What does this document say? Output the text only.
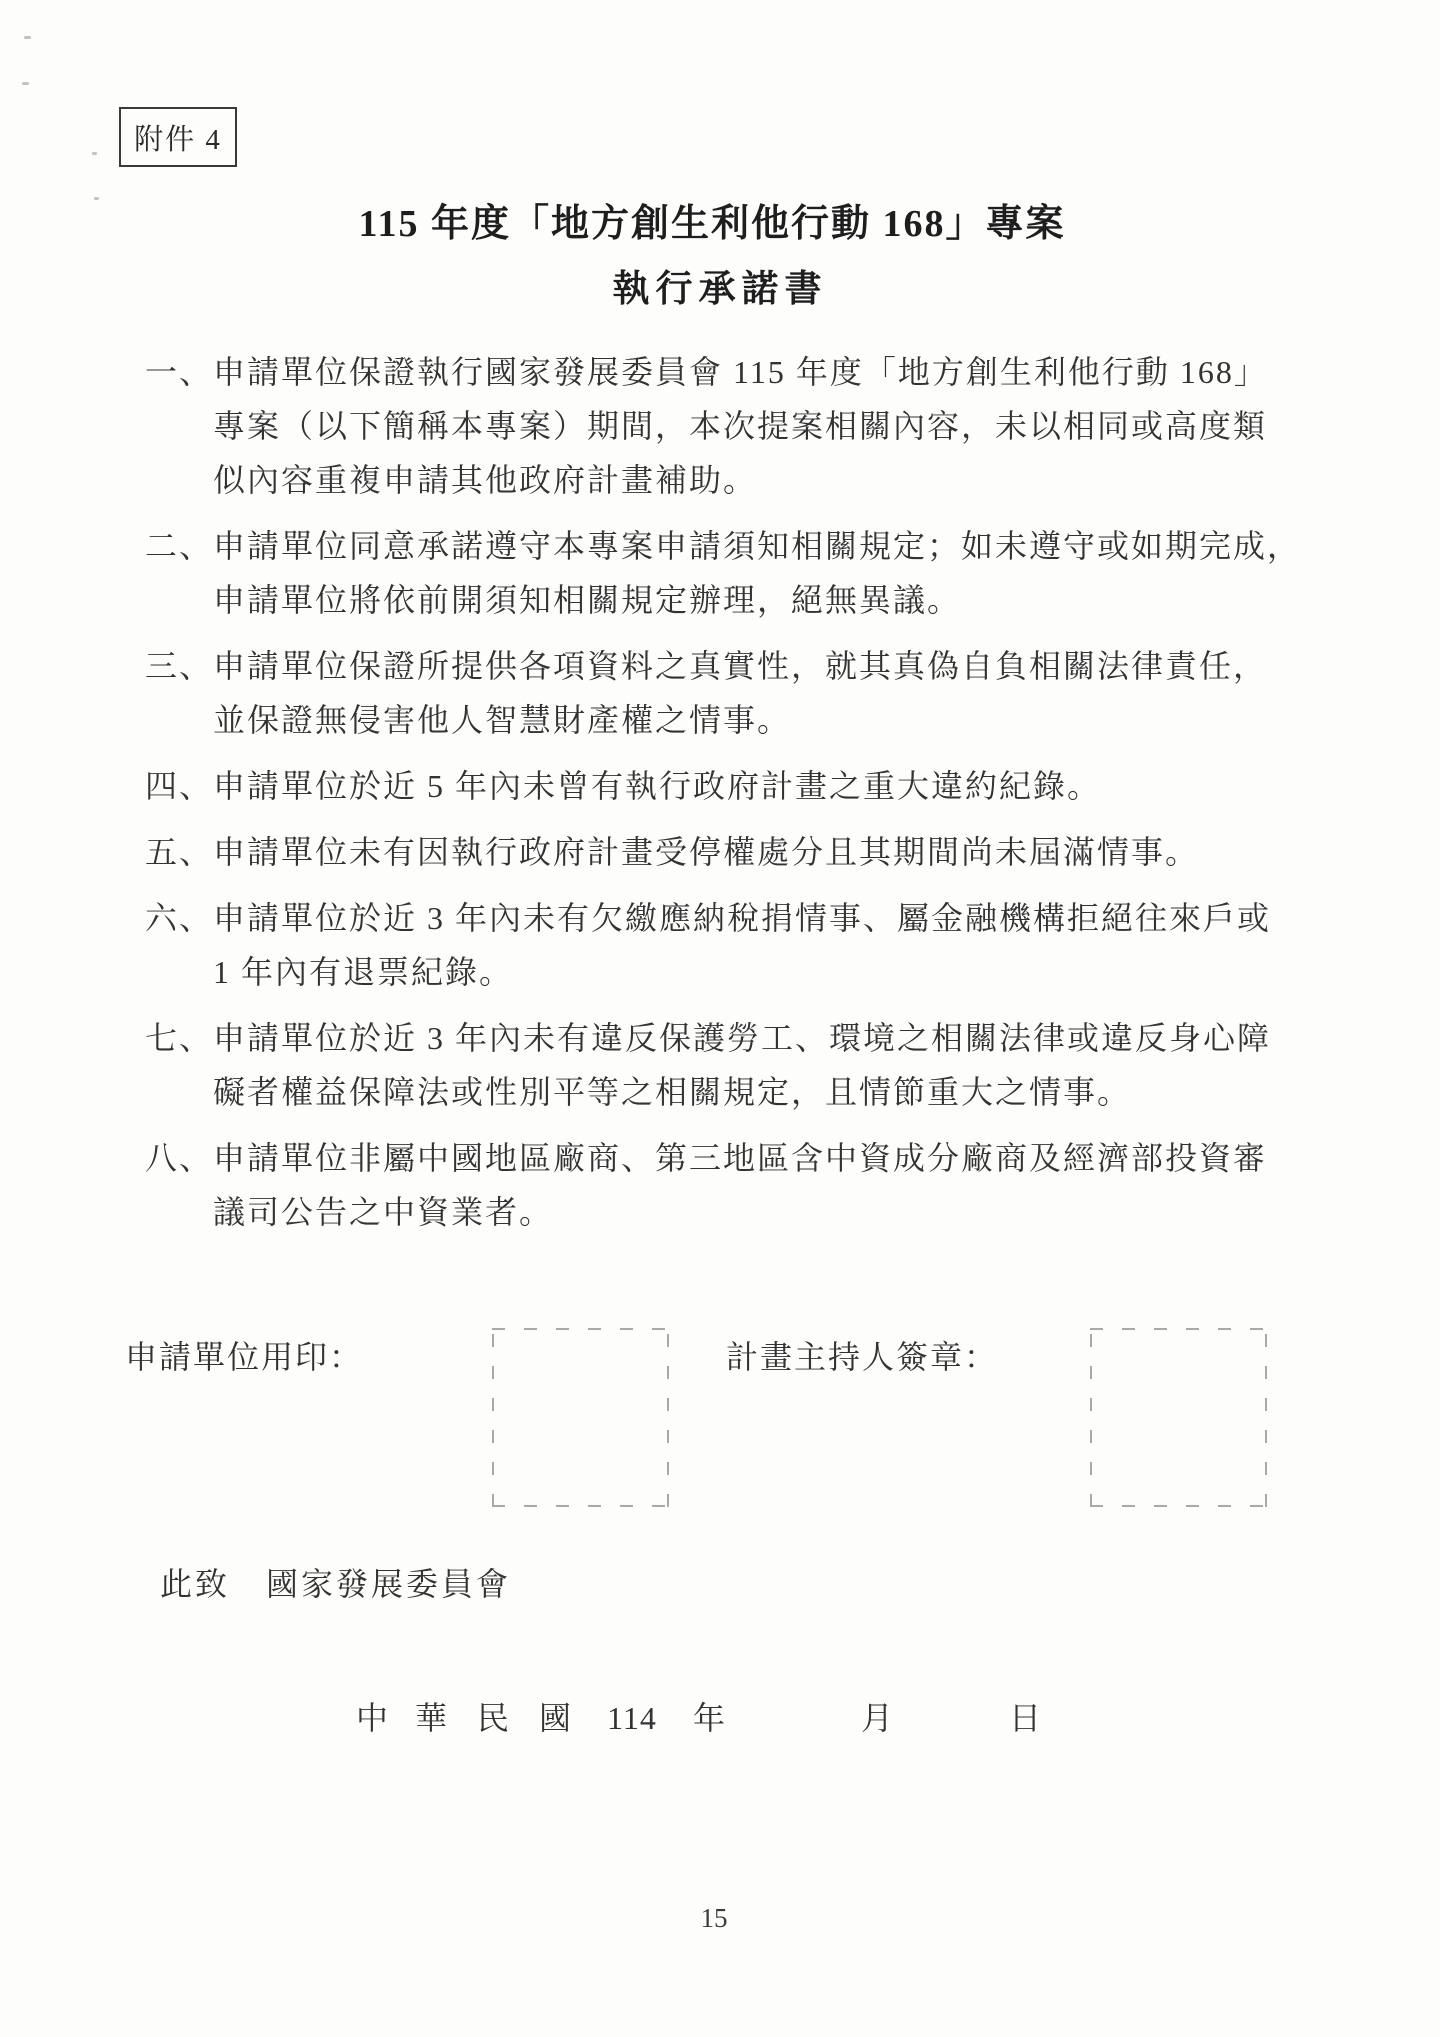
附件 4
115 年度「地方創生利他行動 168」專案
執行承諾書
一、 申請單位保證執行國家發展委員會 115 年度「地方創生利他行動 168」
專案（以下簡稱本專案）期間，本次提案相關內容，未以相同或高度類
似內容重複申請其他政府計畫補助。
二、 申請單位同意承諾遵守本專案申請須知相關規定；如未遵守或如期完成，
申請單位將依前開須知相關規定辦理，絕無異議。
三、 申請單位保證所提供各項資料之真實性，就其真偽自負相關法律責任，
並保證無侵害他人智慧財產權之情事。
四、 申請單位於近 5 年內未曾有執行政府計畫之重大違約紀錄。
五、 申請單位未有因執行政府計畫受停權處分且其期間尚未屆滿情事。
六、 申請單位於近 3 年內未有欠繳應納稅捐情事、屬金融機構拒絕往來戶或
1 年內有退票紀錄。
七、 申請單位於近 3 年內未有違反保護勞工、環境之相關法律或違反身心障
礙者權益保障法或性別平等之相關規定，且情節重大之情事。
八、 申請單位非屬中國地區廠商、第三地區含中資成分廠商及經濟部投資審
議司公告之中資業者。
申請單位用印：	計畫主持人簽章：
此致 國家發展委員會
中 華 民 國 114 年	月	日
15
